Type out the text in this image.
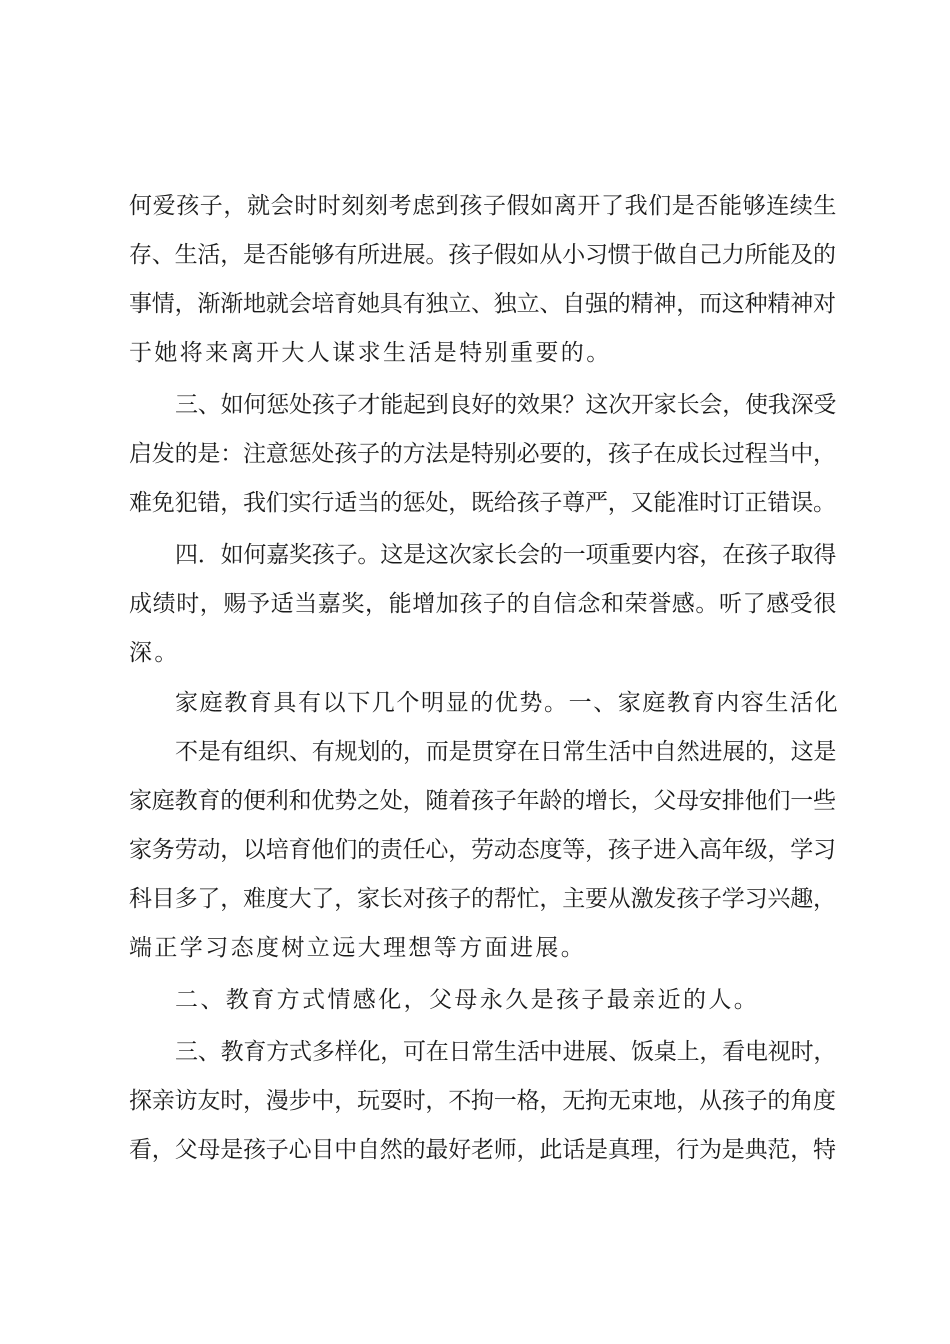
何爱孩子，就会时时刻刻考虑到孩子假如离开了我们是否能够连续生
存、生活，是否能够有所进展。孩子假如从小习惯于做自己力所能及的
事情，渐渐地就会培育她具有独立、独立、自强的精神，而这种精神对
于她将来离开大人谋求生活是特别重要的。
三、如何惩处孩子才能起到良好的效果？这次开家长会，使我深受
启发的是：注意惩处孩子的方法是特别必要的，孩子在成长过程当中，
难免犯错，我们实行适当的惩处，既给孩子尊严，又能准时订正错误。
四．如何嘉奖孩子。这是这次家长会的一项重要内容，在孩子取得
成绩时，赐予适当嘉奖，能增加孩子的自信念和荣誉感。听了感受很
深。
家庭教育具有以下几个明显的优势。一、家庭教育内容生活化
不是有组织、有规划的，而是贯穿在日常生活中自然进展的，这是
家庭教育的便利和优势之处，随着孩子年龄的增长，父母安排他们一些
家务劳动，以培育他们的责任心，劳动态度等，孩子进入高年级，学习
科目多了，难度大了，家长对孩子的帮忙，主要从激发孩子学习兴趣，
端正学习态度树立远大理想等方面进展。
二、教育方式情感化，父母永久是孩子最亲近的人。
三、教育方式多样化，可在日常生活中进展、饭桌上，看电视时，
探亲访友时，漫步中，玩耍时，不拘一格，无拘无束地，从孩子的角度
看，父母是孩子心目中自然的最好老师，此话是真理，行为是典范，特
